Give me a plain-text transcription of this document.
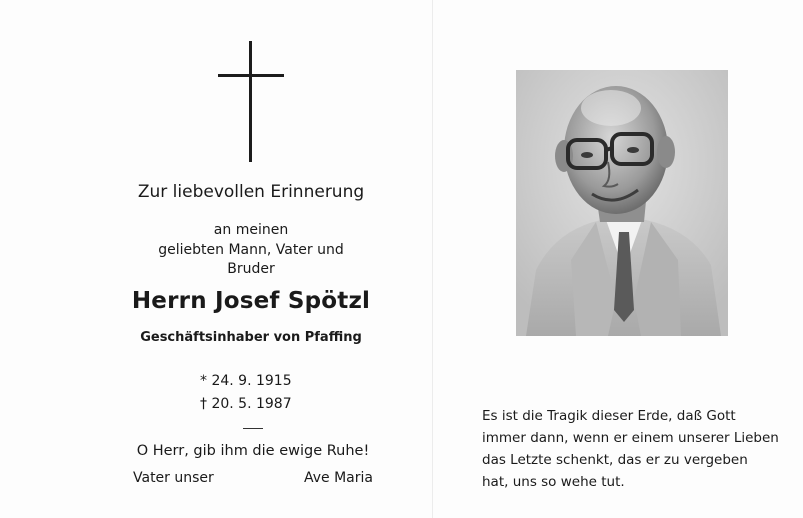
Zur liebevollen Erinnerung
an meinen
geliebten Mann, Vater und
Bruder
Herrn Josef Spötzl
Geschäftsinhaber von Pfaffing
* 24. 9. 1915
† 20. 5. 1987
O Herr, gib ihm die ewige Ruhe!
Vater unser	Ave Maria
Es ist die Tragik dieser Erde, daß Gott
immer dann, wenn er einem unserer Lieben
das Letzte schenkt, das er zu vergeben
hat, uns so wehe tut.
